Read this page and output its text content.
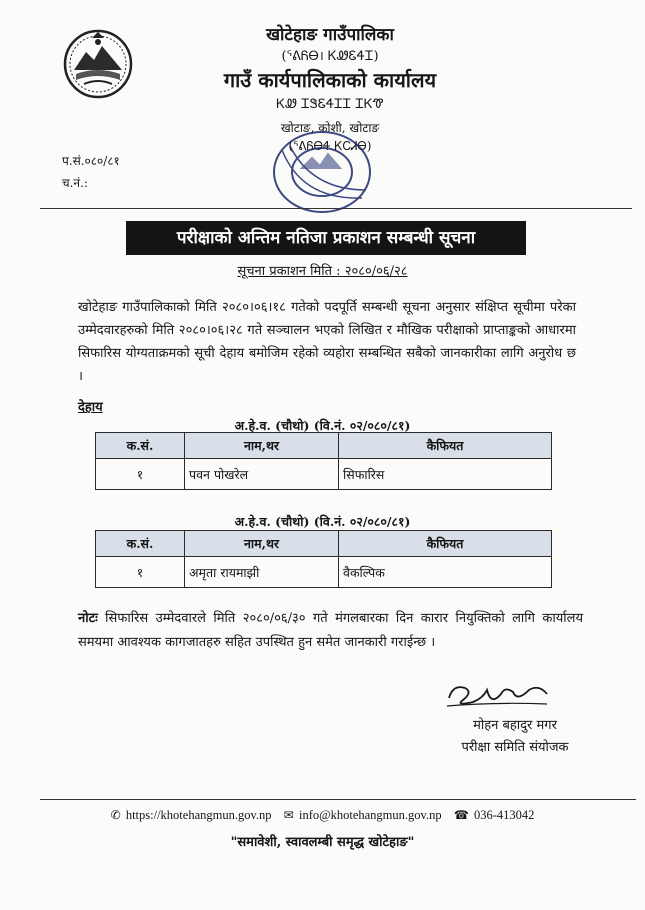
खोटेहाङ गाउँपालिका
(ᕐᕕᏲᎾ। ᏦᏪᏋᏎᏆ)
गाउँ कार्यपालिकाको कार्यालय
ᏦᏪ ᏆᏕᏋᏎᏆᏆ ᏆᏦᏡ
खोटाङ, कोशी, खोटाङ
(ᕐᕕᏲᎾᏎ ᏦᏟᏗᎾ)
प.सं.०८०/८१
च.नं.:
परीक्षाको अन्तिम नतिजा प्रकाशन सम्बन्धी सूचना
सूचना प्रकाशन मिति : २०८०/०६/२८
खोटेहाङ गाउँपालिकाको मिति २०८०।०६।१८ गतेको पदपूर्ति सम्बन्धी सूचना अनुसार संक्षिप्त सूचीमा परेका उम्मेदवारहरुको मिति २०८०।०६।२८ गते सञ्चालन भएको लिखित र मौखिक परीक्षाको प्राप्ताङ्कको आधारमा सिफारिस योग्यताक्रमको सूची देहाय बमोजिम रहेको व्यहोरा सम्बन्धित सबैको जानकारीका लागि अनुरोध छ ।
देहाय
अ.हे.व. (चौथो) (वि.नं. ०२/०८०/८१)
क.सं.	नाम,थर	कैफियत
१	पवन पोखरेल	सिफारिस
अ.हे.व. (चौथो) (वि.नं. ०२/०८०/८१)
क.सं.	नाम,थर	कैफियत
१	अमृता रायमाझी	वैकल्पिक
नोटः सिफारिस उम्मेदवारले मिति २०८०/०६/३० गते मंगलबारका दिन कारार नियुक्तिको लागि कार्यालय समयमा आवश्यक कागजातहरु सहित उपस्थित हुन समेत जानकारी गराईन्छ ।
मोहन बहादुर मगर
परीक्षा समिति संयोजक
✆ https://khotehangmun.gov.np ✉ info@khotehangmun.gov.np ☎ 036-413042
"समावेशी, स्वावलम्बी समृद्ध खोटेहाङ"
